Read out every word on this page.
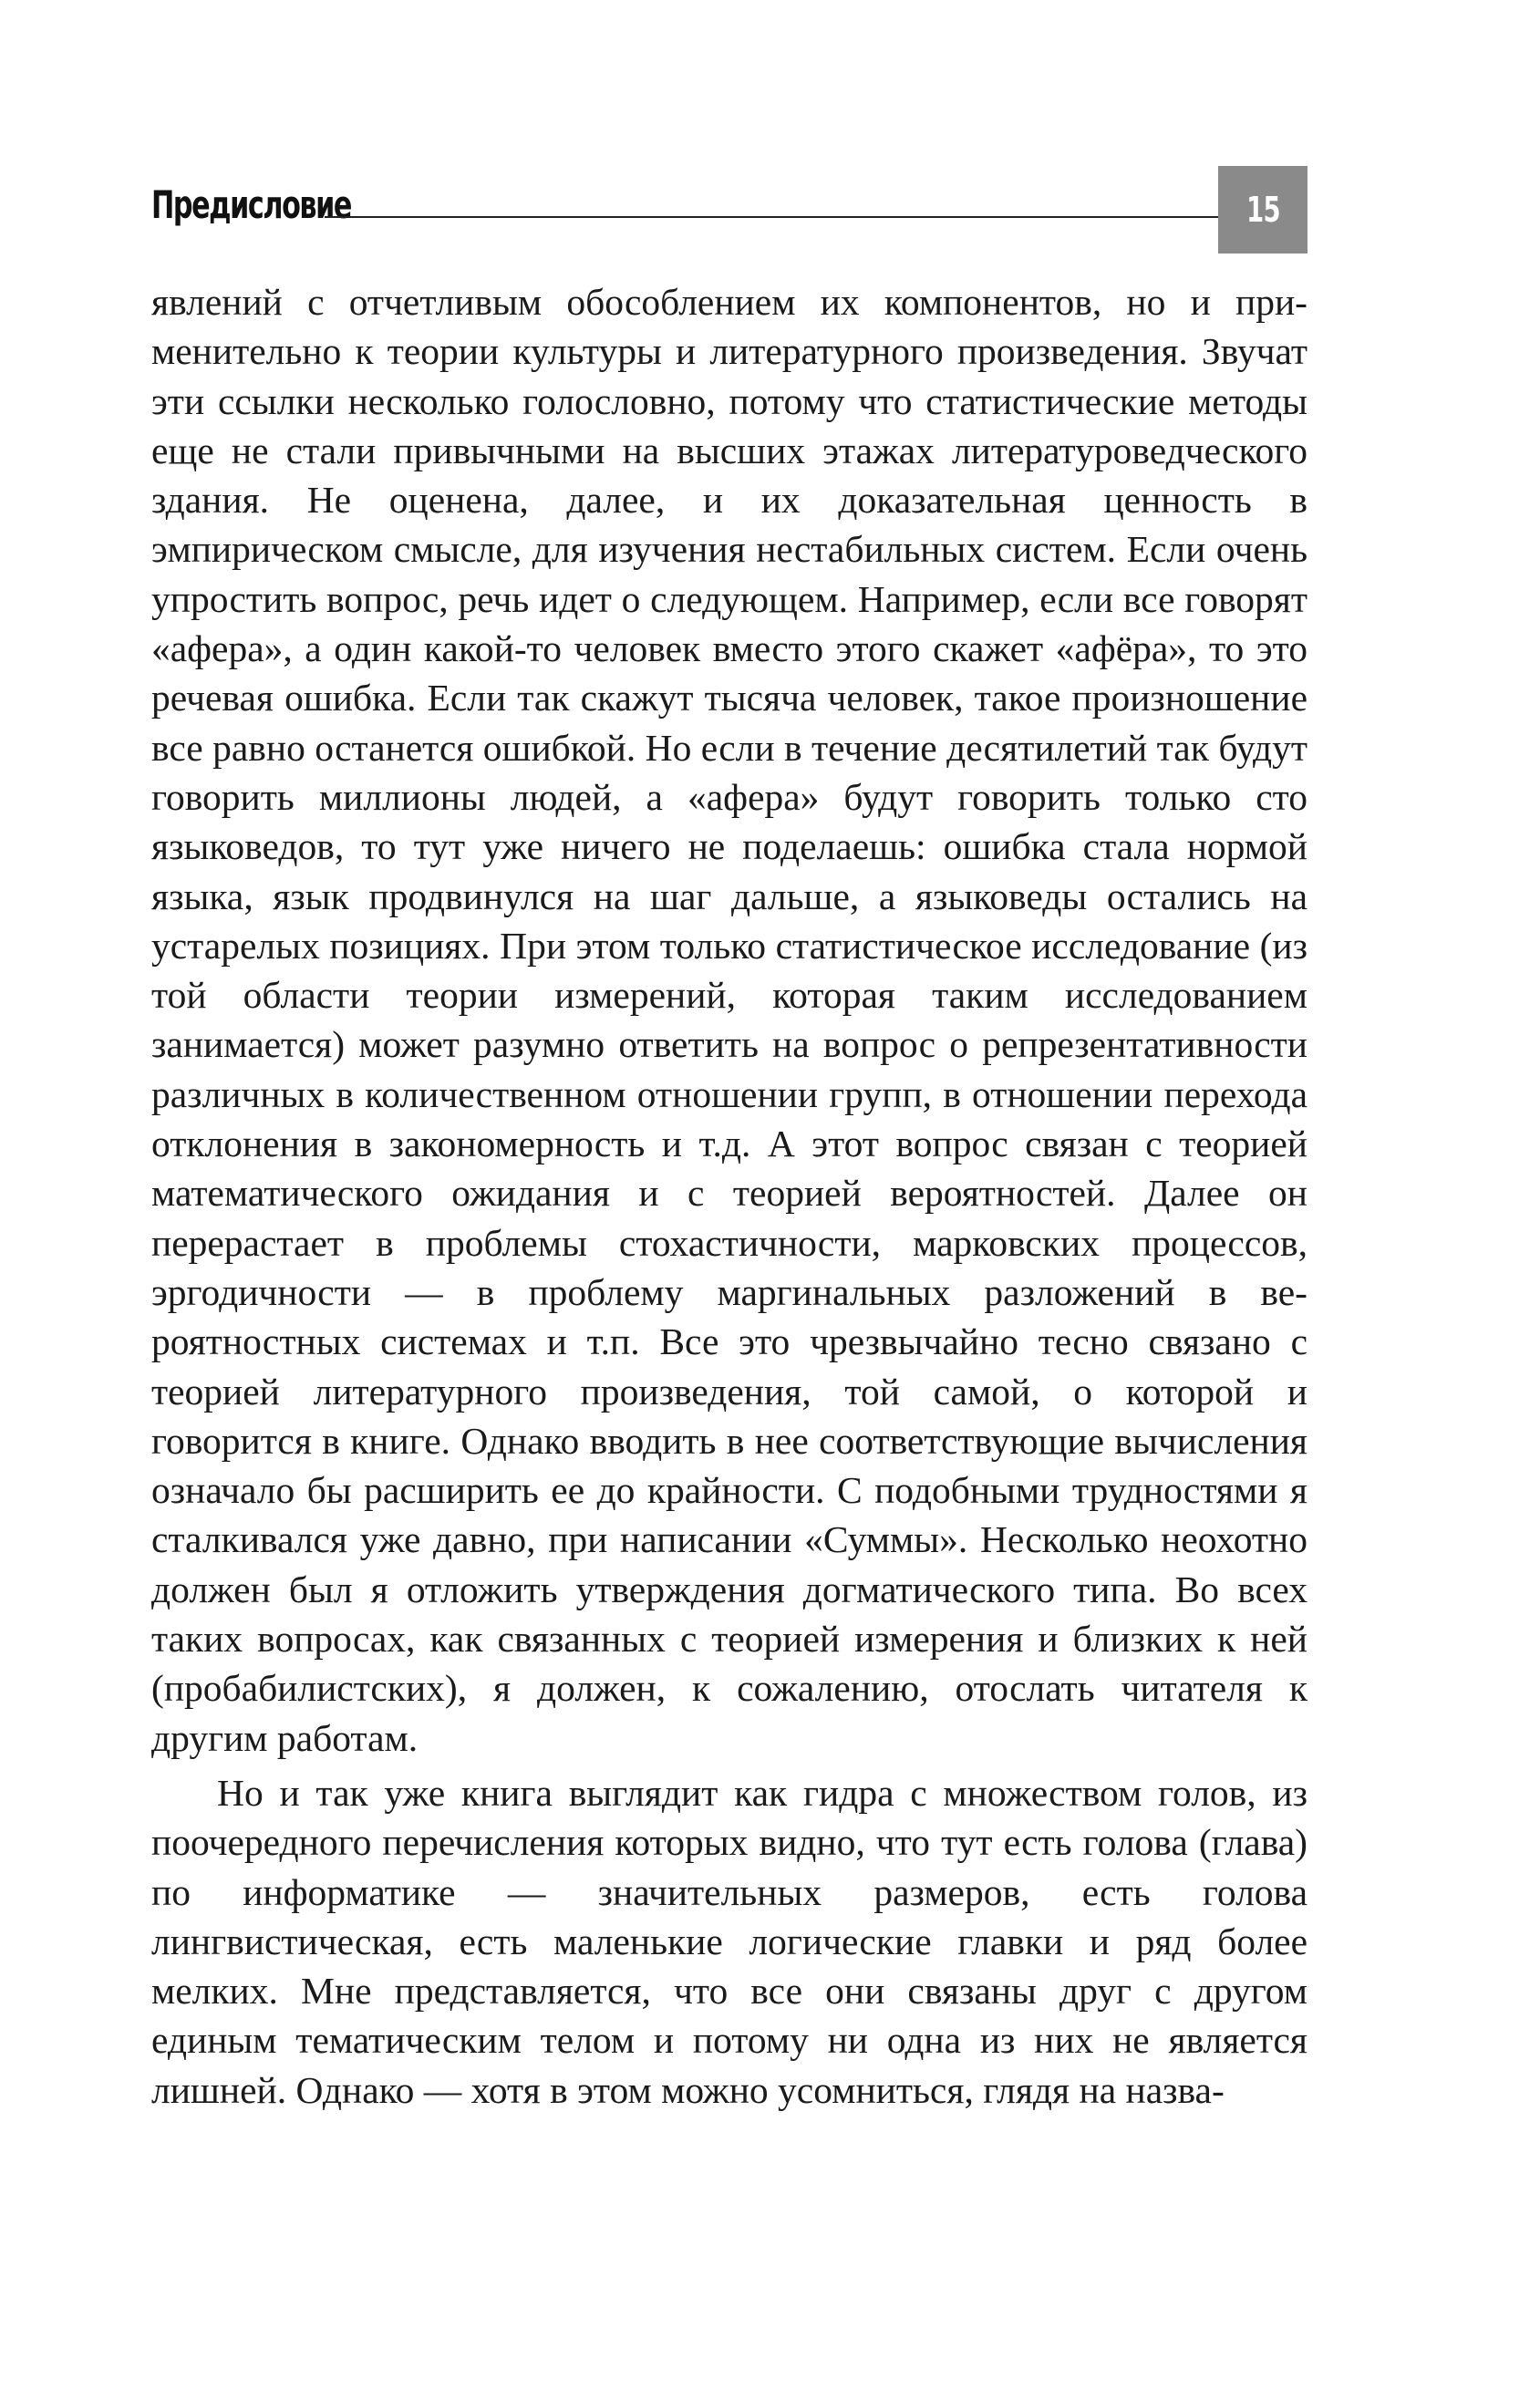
Предисловие	15

явлений с отчетливым обособлением их компонентов, но и применительно к теории культуры и литературного произведения. Звучат эти ссылки несколько голословно, потому что статистические методы еще не стали привычными на высших этажах литературоведческого здания. Не оценена, далее, и их доказательная ценность в эмпирическом смысле, для изучения нестабильных систем. Если очень упростить вопрос, речь идет о следующем. Например, если все говорят «афера», а один какой-то человек вместо этого скажет «афёра», то это речевая ошибка. Если так скажут тысяча человек, такое произношение все равно останется ошибкой. Но если в течение десятилетий так будут говорить миллионы людей, а «афера» будут говорить только сто языковедов, то тут уже ничего не поделаешь: ошибка стала нормой языка, язык продвинулся на шаг дальше, а языковеды остались на устарелых позициях. При этом только статистическое исследование (из той области теории измерений, которая таким исследованием занимается) может разумно ответить на вопрос о репрезентативности различных в количественном отношении групп, в отношении перехода отклонения в закономерность и т.д. А этот вопрос связан с теорией математического ожидания и с теорией вероятностей. Далее он перерастает в проблемы стохастичности, марковских процессов, эргодичности — в проблему маргинальных разложений в вероятностных системах и т.п. Все это чрезвычайно тесно связано с теорией литературного произведения, той самой, о которой и говорится в книге. Однако вводить в нее соответствующие вычисления означало бы расширить ее до крайности. С подобными трудностями я сталкивался уже давно, при написании «Суммы». Несколько неохотно должен был я отложить утверждения догматического типа. Во всех таких вопросах, как связанных с теорией измерения и близких к ней (пробабилистских), я должен, к сожалению, отослать читателя к другим работам.

Но и так уже книга выглядит как гидра с множеством голов, из поочередного перечисления которых видно, что тут есть голова (глава) по информатике — значительных размеров, есть голова лингвистическая, есть маленькие логические главки и ряд более мелких. Мне представляется, что все они связаны друг с другом единым тематическим телом и потому ни одна из них не является лишней. Однако — хотя в этом можно усомниться, глядя на назва-
